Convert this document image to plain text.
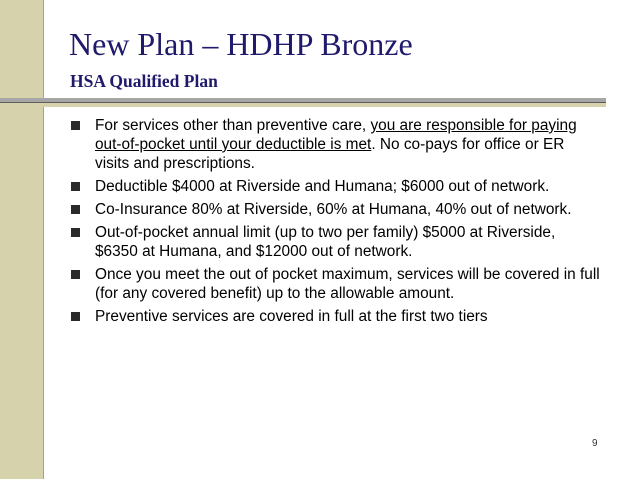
New Plan – HDHP Bronze
HSA Qualified Plan
For services other than preventive care, you are responsible for paying out-of-pocket until your deductible is met. No co-pays for office or ER visits and prescriptions.
Deductible $4000 at Riverside and Humana; $6000 out of network.
Co-Insurance 80% at Riverside, 60% at Humana, 40% out of network.
Out-of-pocket annual limit (up to two per family) $5000 at Riverside, $6350 at Humana, and $12000 out of network.
Once you meet the out of pocket maximum, services will be covered in full (for any covered benefit) up to the allowable amount.
Preventive services are covered in full at the first two tiers
9
